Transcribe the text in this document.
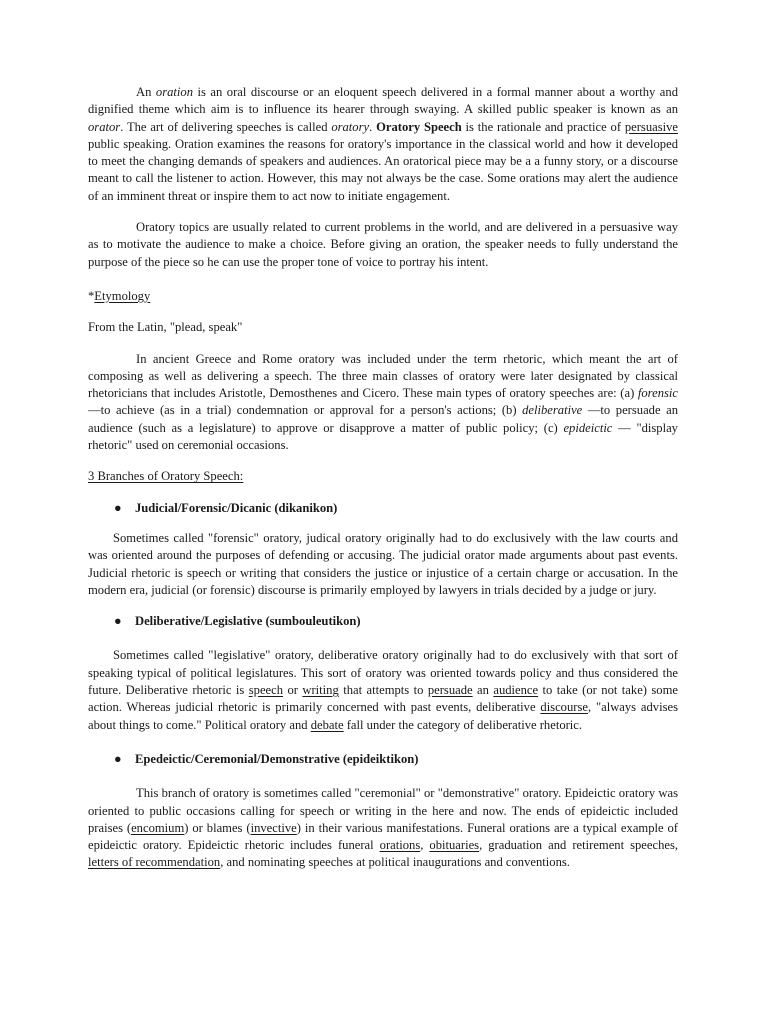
An oration is an oral discourse or an eloquent speech delivered in a formal manner about a worthy and dignified theme which aim is to influence its hearer through swaying. A skilled public speaker is known as an orator. The art of delivering speeches is called oratory. Oratory Speech is the rationale and practice of persuasive public speaking. Oration examines the reasons for oratory's importance in the classical world and how it developed to meet the changing demands of speakers and audiences. An oratorical piece may be a a funny story, or a discourse meant to call the listener to action. However, this may not always be the case. Some orations may alert the audience of an imminent threat or inspire them to act now to initiate engagement.

Oratory topics are usually related to current problems in the world, and are delivered in a persuasive way as to motivate the audience to make a choice. Before giving an oration, the speaker needs to fully understand the purpose of the piece so he can use the proper tone of voice to portray his intent.

*Etymology

From the Latin, "plead, speak"

In ancient Greece and Rome oratory was included under the term rhetoric, which meant the art of composing as well as delivering a speech. The three main classes of oratory were later designated by classical rhetoricians that includes Aristotle, Demosthenes and Cicero. These main types of oratory speeches are: (a) forensic —to achieve (as in a trial) condemnation or approval for a person's actions; (b) deliberative —to persuade an audience (such as a legislature) to approve or disapprove a matter of public policy; (c) epideictic — "display rhetoric" used on ceremonial occasions.

3 Branches of Oratory Speech:

● Judicial/Forensic/Dicanic (dikanikon)

Sometimes called "forensic" oratory, judical oratory originally had to do exclusively with the law courts and was oriented around the purposes of defending or accusing. The judicial orator made arguments about past events. Judicial rhetoric is speech or writing that considers the justice or injustice of a certain charge or accusation. In the modern era, judicial (or forensic) discourse is primarily employed by lawyers in trials decided by a judge or jury.

● Deliberative/Legislative (sumbouleutikon)

Sometimes called "legislative" oratory, deliberative oratory originally had to do exclusively with that sort of speaking typical of political legislatures. This sort of oratory was oriented towards policy and thus considered the future. Deliberative rhetoric is speech or writing that attempts to persuade an audience to take (or not take) some action. Whereas judicial rhetoric is primarily concerned with past events, deliberative discourse, "always advises about things to come." Political oratory and debate fall under the category of deliberative rhetoric.

● Epedeictic/Ceremonial/Demonstrative (epideiktikon)

This branch of oratory is sometimes called "ceremonial" or "demonstrative" oratory. Epideictic oratory was oriented to public occasions calling for speech or writing in the here and now. The ends of epideictic included praises (encomium) or blames (invective) in their various manifestations. Funeral orations are a typical example of epideictic oratory. Epideictic rhetoric includes funeral orations, obituaries, graduation and retirement speeches, letters of recommendation, and nominating speeches at political inaugurations and conventions.
